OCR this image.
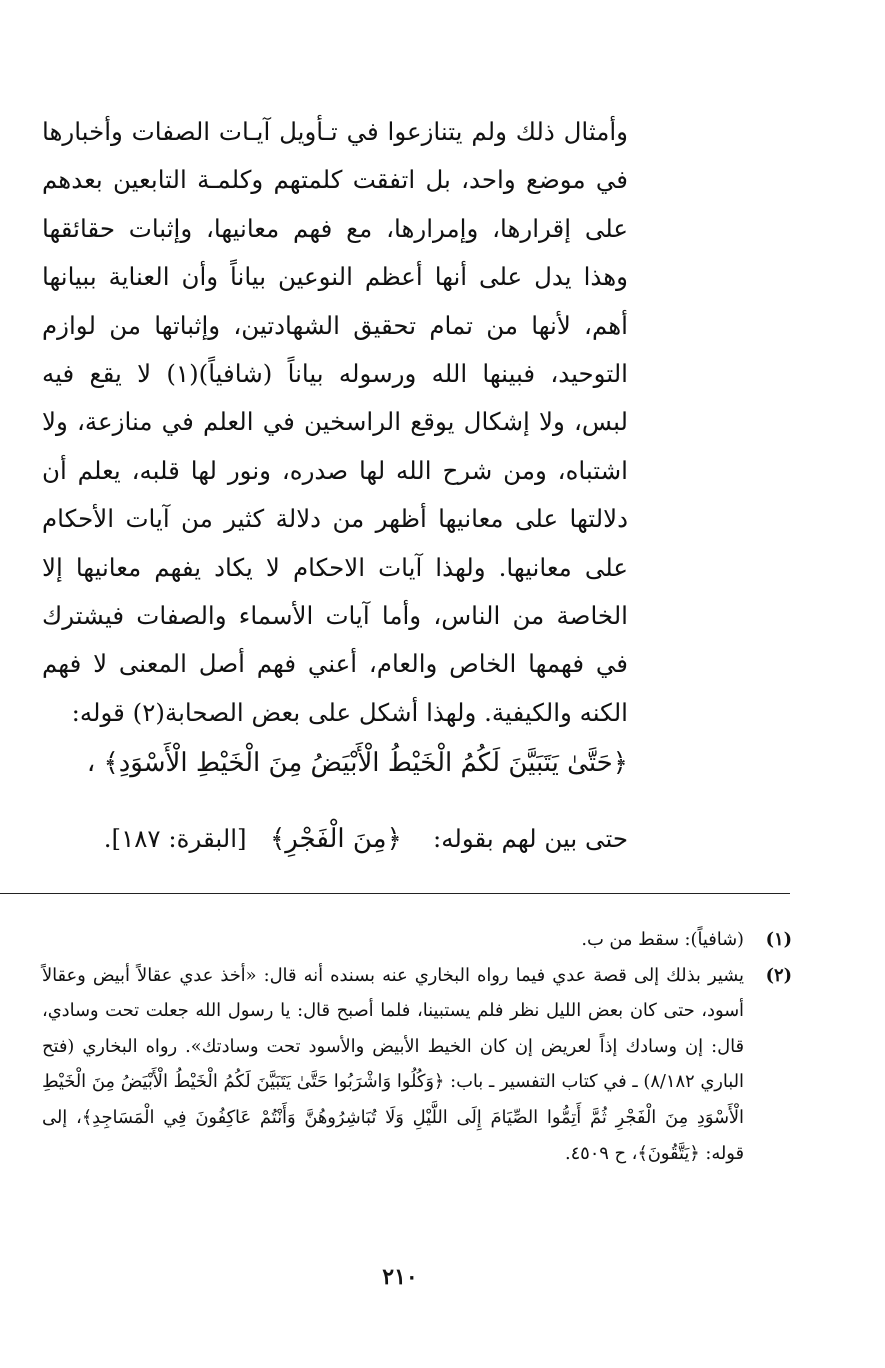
وأمثال ذلك ولم يتنازعوا في تـأويل آيـات الصفات وأخبارها في موضع واحد، بل اتفقت كلمتهم وكلمـة التابعين بعدهم على إقرارها، وإمرارها، مع فهم معانيها، وإثبات حقائقها وهذا يدل على أنها أعظم النوعين بياناً وأن العناية ببيانها أهم، لأنها من تمام تحقيق الشهادتين، وإثباتها من لوازم التوحيد، فبينها الله ورسوله بياناً (شافياً)(١) لا يقع فيه لبس، ولا إشكال يوقع الراسخين في العلم في منازعة، ولا اشتباه، ومن شرح الله لها صدره، ونور لها قلبه، يعلم أن دلالتها على معانيها أظهر من دلالة كثير من آيات الأحكام على معانيها. ولهذا آيات الاحكام لا يكاد يفهم معانيها إلا الخاصة من الناس، وأما آيات الأسماء والصفات فيشترك في فهمها الخاص والعام، أعني فهم أصل المعنى لا فهم الكنه والكيفية. ولهذا أشكل على بعض الصحابة(٢) قوله:

﴿حَتَّىٰ يَتَبَيَّنَ لَكُمُ الْخَيْطُ الْأَبْيَضُ مِنَ الْخَيْطِ الْأَسْوَدِ﴾ ،
حتى بين لهم بقوله:    ﴿مِنَ الْفَجْرِ﴾   [البقرة: ١٨٧].
(١)
(شافياً): سقط من ب.
(٢)
يشير بذلك إلى قصة عدي فيما رواه البخاري عنه بسنده أنه قال: «أخذ عدي عقالاً أبيض وعقالاً أسود، حتى كان بعض الليل نظر فلم يستبينا، فلما أصبح قال: يا رسول الله جعلت تحت وسادي، قال: إن وسادك إذاً لعريض إن كان الخيط الأبيض والأسود تحت وسادتك». رواه البخاري (فتح الباري ٨/١٨٢) ـ في كتاب التفسير ـ باب: ﴿وَكُلُوا وَاشْرَبُوا حَتَّىٰ يَتَبَيَّنَ لَكُمُ الْخَيْطُ الْأَبْيَضُ مِنَ الْخَيْطِ الْأَسْوَدِ مِنَ الْفَجْرِ ثُمَّ أَتِمُّوا الصِّيَامَ إِلَى اللَّيْلِ وَلَا تُبَاشِرُوهُنَّ وَأَنْتُمْ عَاكِفُونَ فِي الْمَسَاجِدِ﴾، إلى قوله: ﴿يَتَّقُونَ﴾، ح ٤٥٠٩.
٢١٠
